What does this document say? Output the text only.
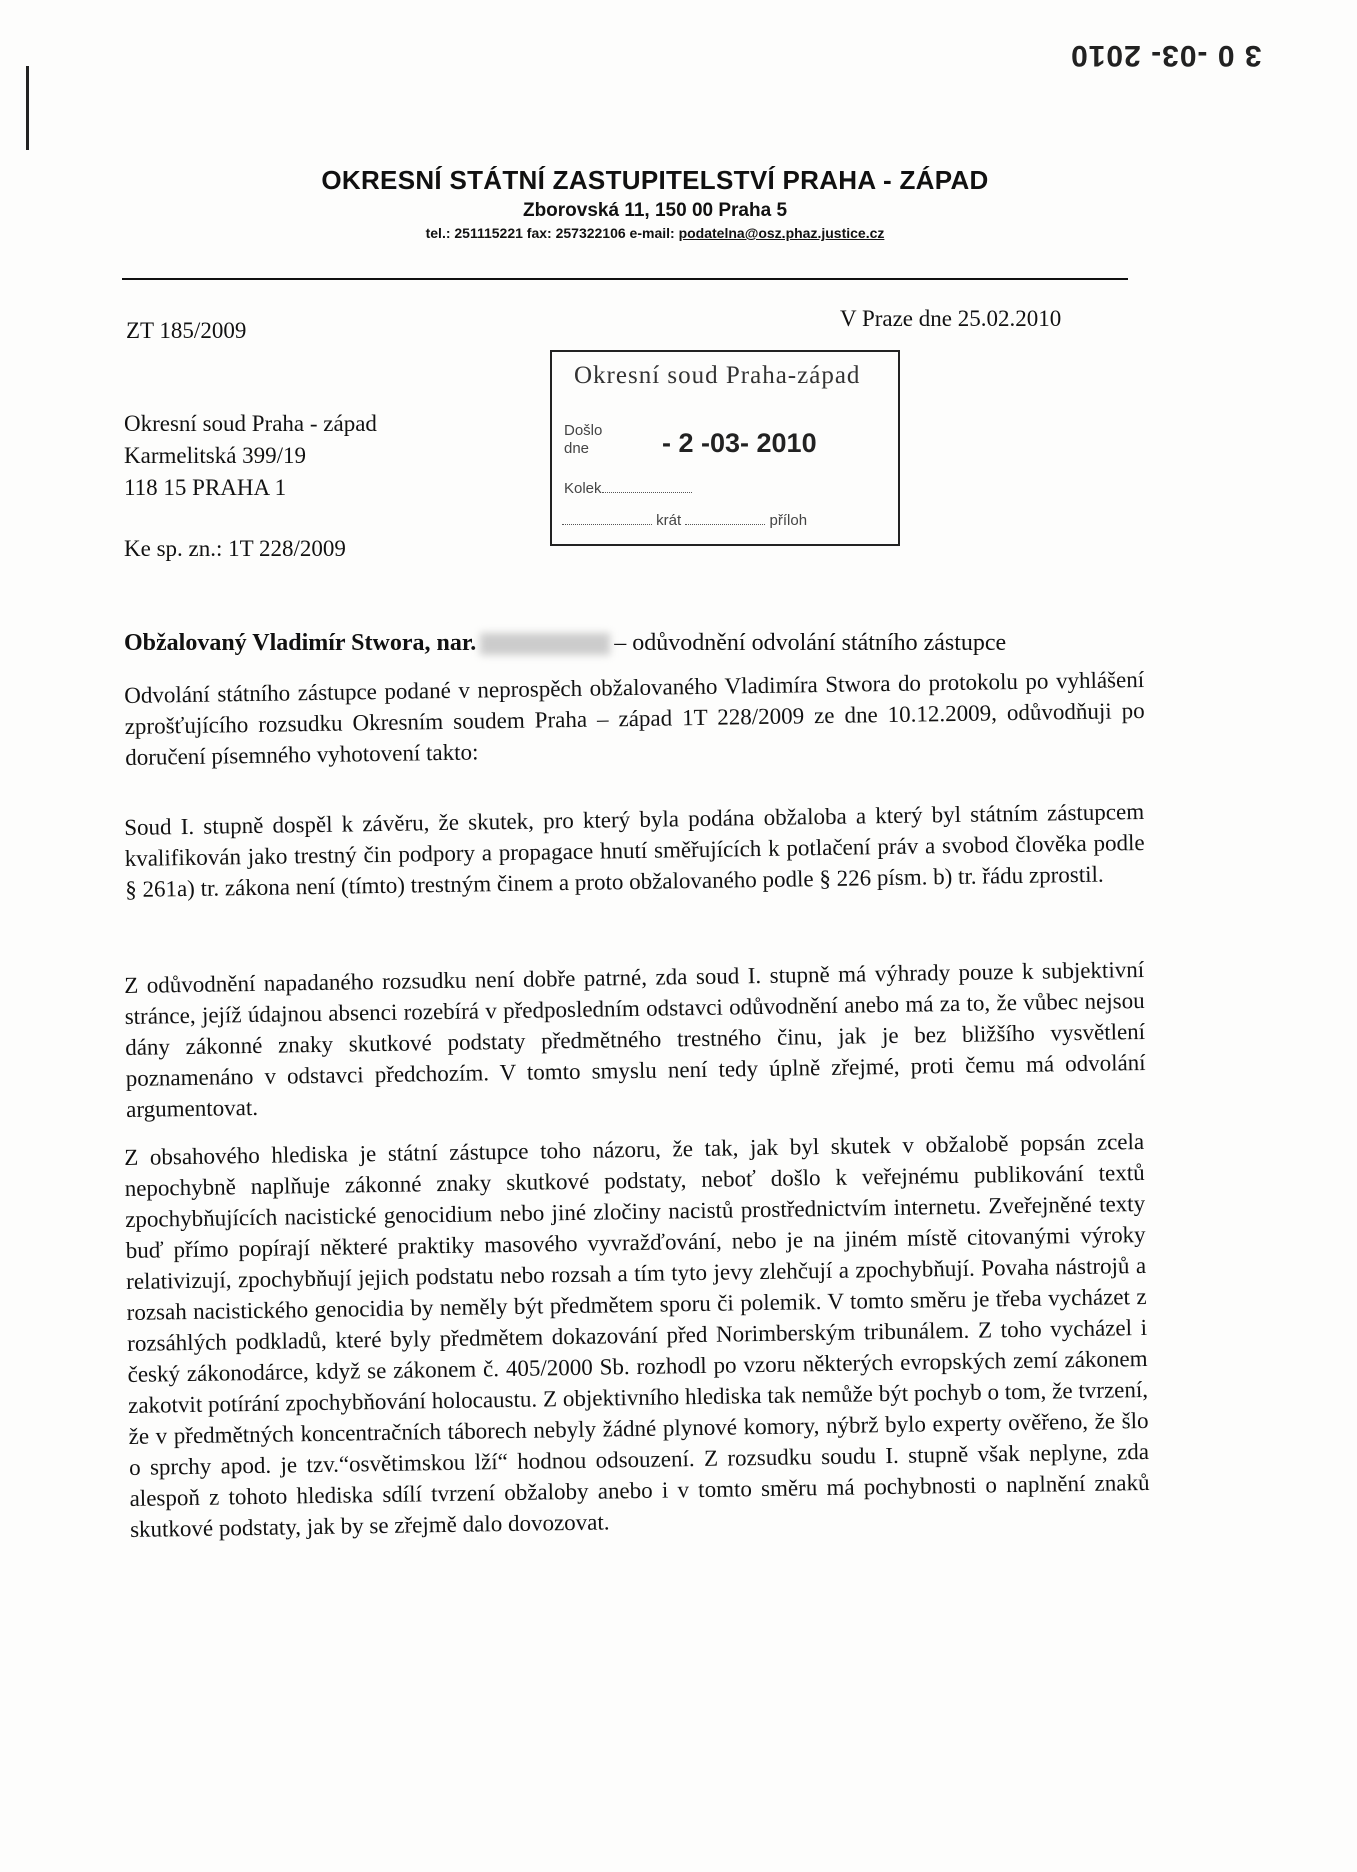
3 0 -03- 2010
OKRESNÍ STÁTNÍ ZASTUPITELSTVÍ PRAHA - ZÁPAD
Zborovská 11, 150 00 Praha 5
tel.: 251115221 fax: 257322106 e-mail: podatelna@osz.phaz.justice.cz
ZT 185/2009	V Praze dne 25.02.2010
Okresní soud Praha - západ
Karmelitská 399/19
118 15 PRAHA 1
Ke sp. zn.: 1T 228/2009
Okresní soud Praha-západ
Došlo
dne	- 2 -03- 2010
Kolek
krát	příloh
Obžalovaný Vladimír Stwora, nar.	– odůvodnění odvolání státního zástupce
Odvolání státního zástupce podané v neprospěch obžalovaného Vladimíra Stwora do protokolu po vyhlášení zprošťujícího rozsudku Okresním soudem Praha – západ 1T 228/2009 ze dne 10.12.2009, odůvodňuji po doručení písemného vyhotovení takto:
Soud I. stupně dospěl k závěru, že skutek, pro který byla podána obžaloba a který byl státním zástupcem kvalifikován jako trestný čin podpory a propagace hnutí směřujících k potlačení práv a svobod člověka podle § 261a) tr. zákona není (tímto) trestným činem a proto obžalovaného podle § 226 písm. b) tr. řádu zprostil.
Z odůvodnění napadaného rozsudku není dobře patrné, zda soud I. stupně má výhrady pouze k subjektivní stránce, jejíž údajnou absenci rozebírá v předposledním odstavci odůvodnění anebo má za to, že vůbec nejsou dány zákonné znaky skutkové podstaty předmětného trestného činu, jak je bez bližšího vysvětlení poznamenáno v odstavci předchozím. V tomto smyslu není tedy úplně zřejmé, proti čemu má odvolání argumentovat.
Z obsahového hlediska je státní zástupce toho názoru, že tak, jak byl skutek v obžalobě popsán zcela nepochybně naplňuje zákonné znaky skutkové podstaty, neboť došlo k veřejnému publikování textů zpochybňujících nacistické genocidium nebo jiné zločiny nacistů prostřednictvím internetu. Zveřejněné texty buď přímo popírají některé praktiky masového vyvražďování, nebo je na jiném místě citovanými výroky relativizují, zpochybňují jejich podstatu nebo rozsah a tím tyto jevy zlehčují a zpochybňují. Povaha nástrojů a rozsah nacistického genocidia by neměly být předmětem sporu či polemik. V tomto směru je třeba vycházet z rozsáhlých podkladů, které byly předmětem dokazování před Norimberským tribunálem. Z toho vycházel i český zákonodárce, když se zákonem č. 405/2000 Sb. rozhodl po vzoru některých evropských zemí zákonem zakotvit potírání zpochybňování holocaustu. Z objektivního hlediska tak nemůže být pochyb o tom, že tvrzení, že v předmětných koncentračních táborech nebyly žádné plynové komory, nýbrž bylo experty ověřeno, že šlo o sprchy apod. je tzv.“osvětimskou lží“ hodnou odsouzení. Z rozsudku soudu I. stupně však neplyne, zda alespoň z tohoto hlediska sdílí tvrzení obžaloby anebo i v tomto směru má pochybnosti o naplnění znaků skutkové podstaty, jak by se zřejmě dalo dovozovat.
